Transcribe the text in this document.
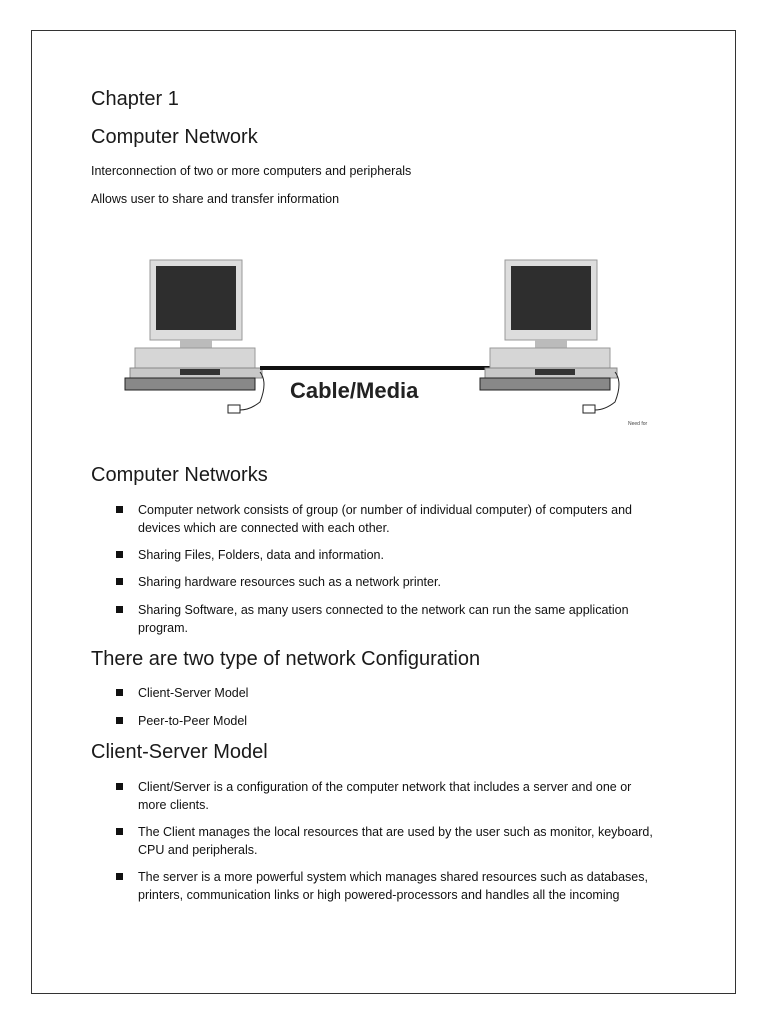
Chapter 1
Computer Network
Interconnection of two or more computers and peripherals
Allows user to share and transfer information
Cable/Media
Need for
Computer Networks
Computer network consists of group (or number of individual computer) of computers and
devices which are connected with each other.
Sharing Files, Folders, data and information.
Sharing hardware resources such as a network printer.
Sharing Software, as many users connected to the network can run the same application
program.
There are two type of network Configuration
Client-Server Model
Peer-to-Peer Model
Client-Server Model
Client/Server is a configuration of the computer network that includes a server and one or
more clients.
The Client manages the local resources that are used by the user such as monitor, keyboard,
CPU and peripherals.
The server is a more powerful system which manages shared resources such as databases,
printers, communication links or high powered-processors and handles all the incoming
